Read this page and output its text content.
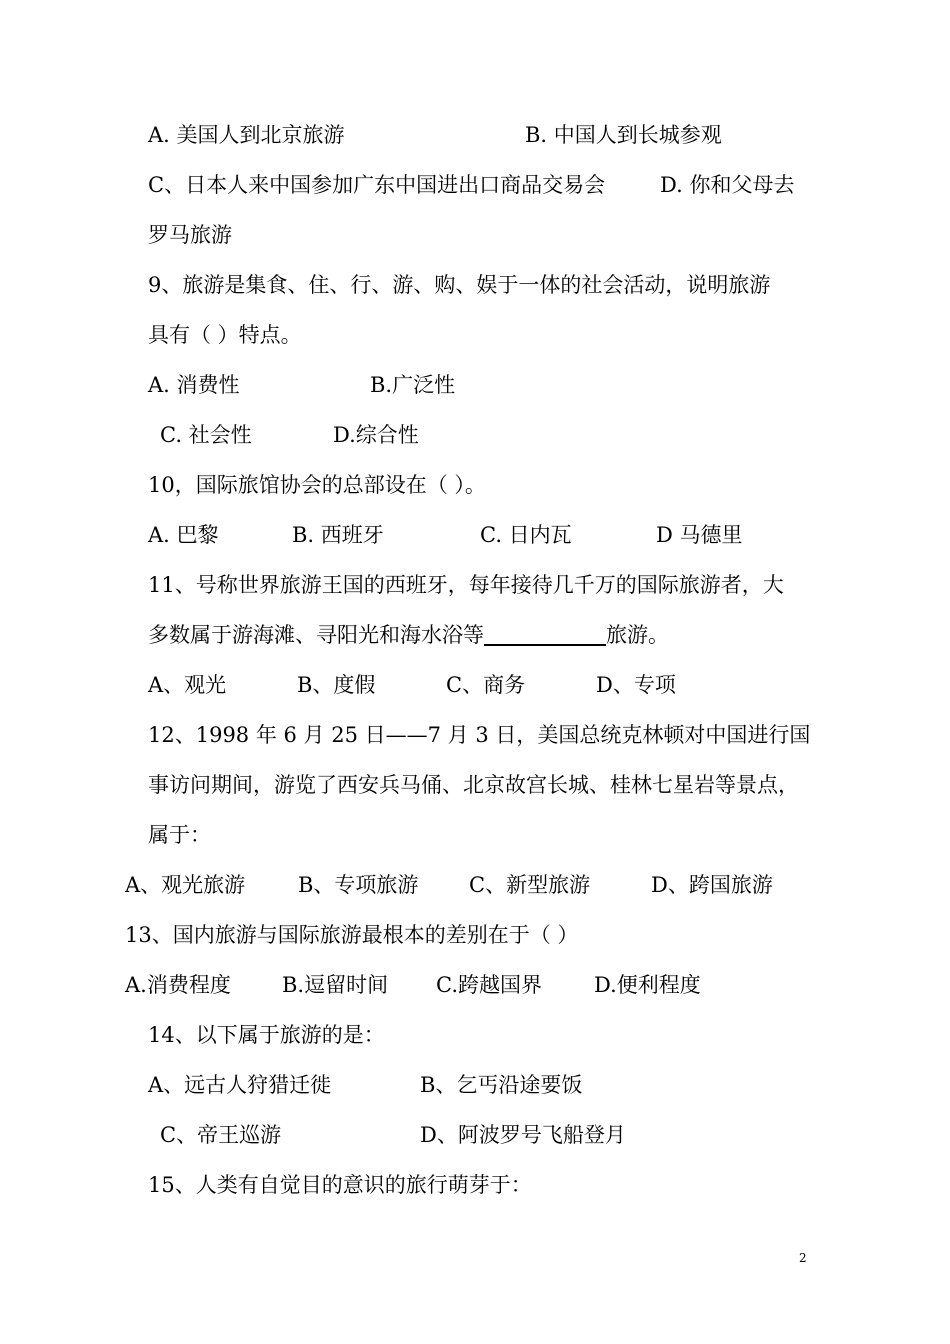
A. 美国人到北京旅游	B. 中国人到长城参观
C、日本人来中国参加广东中国进出口商品交易会	D. 你和父母去
罗马旅游
9、旅游是集食、住、行、游、购、娱于一体的社会活动，说明旅游
具有（ ）特点。
A. 消费性	B.广泛性
C. 社会性	D.综合性
10，国际旅馆协会的总部设在（ ）。
A. 巴黎	B. 西班牙	C. 日内瓦	D 马德里
11、号称世界旅游王国的西班牙，每年接待几千万的国际旅游者，大
多数属于游海滩、寻阳光和海水浴等	旅游。
A、观光	B、度假	C、商务	D、专项
12、1998 年 6 月 25 日——7 月 3 日，美国总统克林顿对中国进行国
事访问期间，游览了西安兵马俑、北京故宫长城、桂林七星岩等景点，
属于：
A、观光旅游	B、专项旅游 C、新型旅游	D、跨国旅游
13、国内旅游与国际旅游最根本的差别在于（ ）
A.消费程度 B.逗留时间 C.跨越国界 D.便利程度
14、以下属于旅游的是：
A、远古人狩猎迁徙	B、乞丐沿途要饭
C、帝王巡游	D、阿波罗号飞船登月
15、人类有自觉目的意识的旅行萌芽于：
2
